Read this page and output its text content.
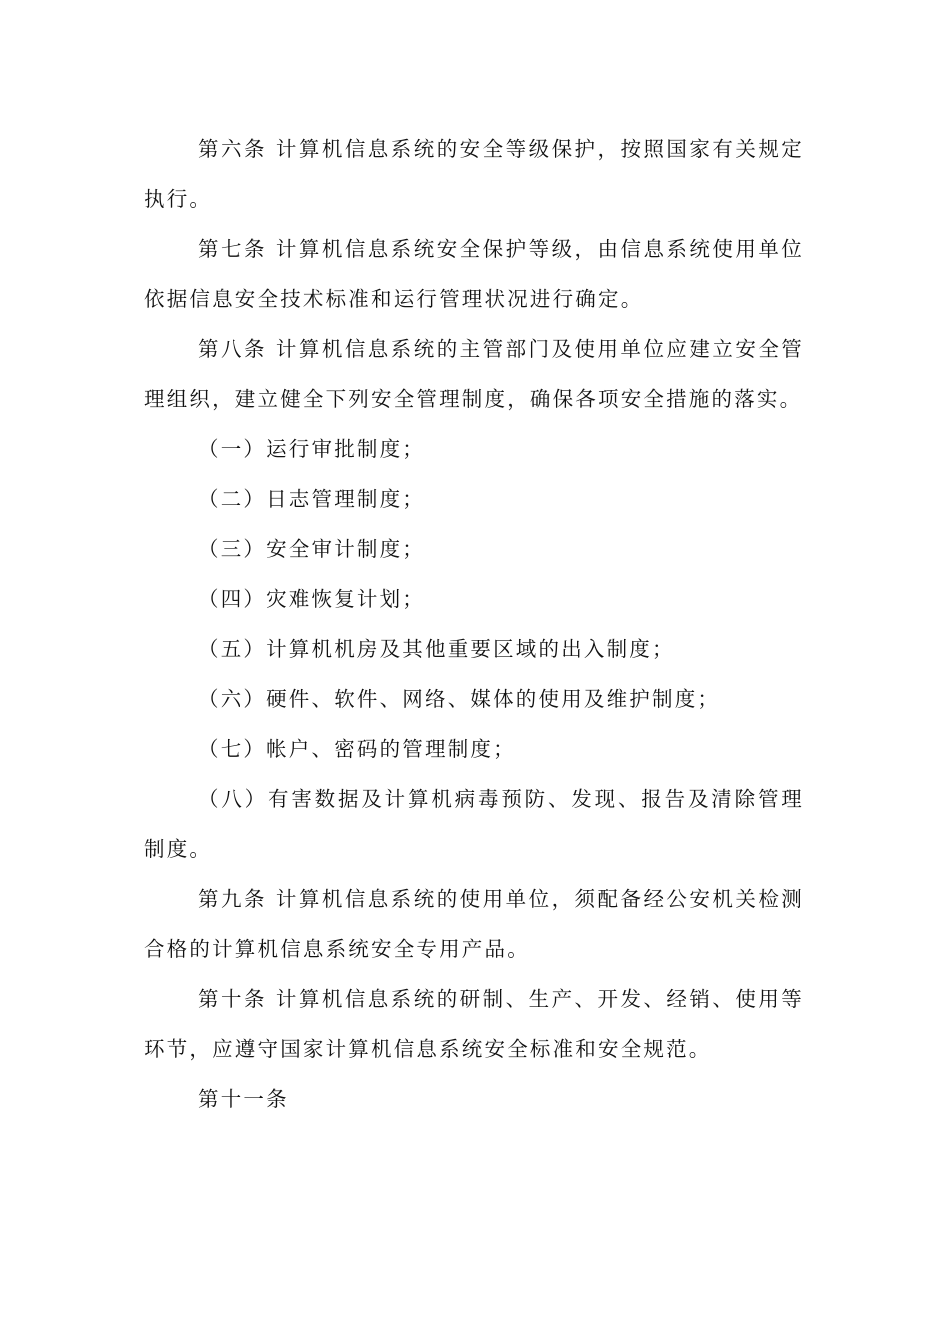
第六条 计算机信息系统的安全等级保护，按照国家有关规定执行。

第七条 计算机信息系统安全保护等级，由信息系统使用单位依据信息安全技术标准和运行管理状况进行确定。

第八条 计算机信息系统的主管部门及使用单位应建立安全管理组织，建立健全下列安全管理制度，确保各项安全措施的落实。

（一）运行审批制度；

（二）日志管理制度；

（三）安全审计制度；

（四）灾难恢复计划；

（五）计算机机房及其他重要区域的出入制度；

（六）硬件、软件、网络、媒体的使用及维护制度；

（七）帐户、密码的管理制度；

（八）有害数据及计算机病毒预防、发现、报告及清除管理制度。

第九条 计算机信息系统的使用单位，须配备经公安机关检测合格的计算机信息系统安全专用产品。

第十条 计算机信息系统的研制、生产、开发、经销、使用等环节，应遵守国家计算机信息系统安全标准和安全规范。

第十一条
